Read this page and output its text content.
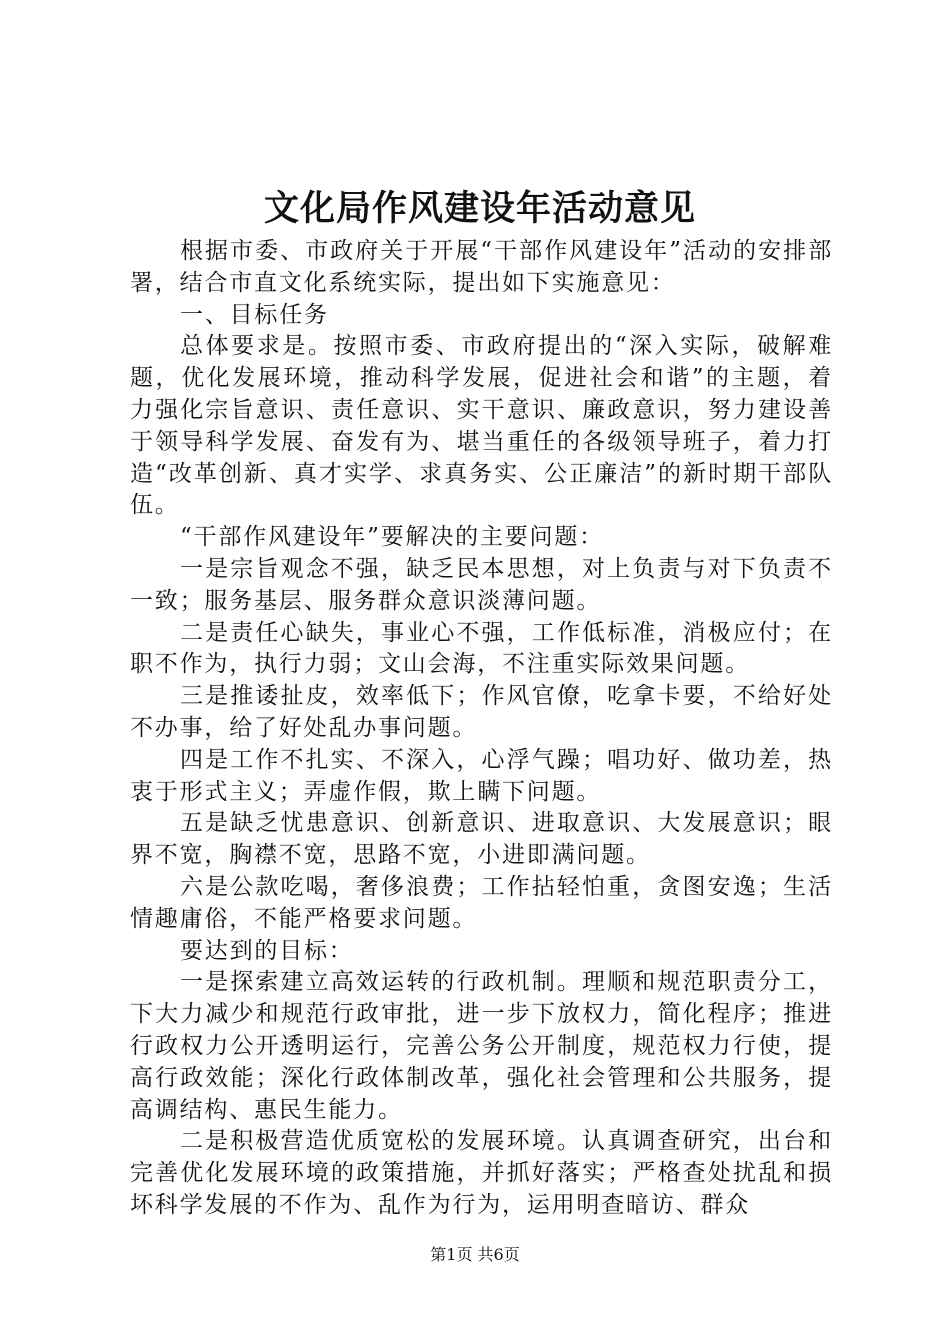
文化局作风建设年活动意见

根据市委、市政府关于开展“干部作风建设年”活动的安排部署，结合市直文化系统实际，提出如下实施意见：

一、目标任务

总体要求是。按照市委、市政府提出的“深入实际，破解难题，优化发展环境，推动科学发展，促进社会和谐”的主题，着力强化宗旨意识、责任意识、实干意识、廉政意识，努力建设善于领导科学发展、奋发有为、堪当重任的各级领导班子，着力打造“改革创新、真才实学、求真务实、公正廉洁”的新时期干部队伍。

“干部作风建设年”要解决的主要问题：

一是宗旨观念不强，缺乏民本思想，对上负责与对下负责不一致；服务基层、服务群众意识淡薄问题。

二是责任心缺失，事业心不强，工作低标准，消极应付；在职不作为，执行力弱；文山会海，不注重实际效果问题。

三是推诿扯皮，效率低下；作风官僚，吃拿卡要，不给好处不办事，给了好处乱办事问题。

四是工作不扎实、不深入，心浮气躁；唱功好、做功差，热衷于形式主义；弄虚作假，欺上瞒下问题。

五是缺乏忧患意识、创新意识、进取意识、大发展意识；眼界不宽，胸襟不宽，思路不宽，小进即满问题。

六是公款吃喝，奢侈浪费；工作拈轻怕重，贪图安逸；生活情趣庸俗，不能严格要求问题。

要达到的目标：

一是探索建立高效运转的行政机制。理顺和规范职责分工，下大力减少和规范行政审批，进一步下放权力，简化程序；推进行政权力公开透明运行，完善公务公开制度，规范权力行使，提高行政效能；深化行政体制改革，强化社会管理和公共服务，提高调结构、惠民生能力。

二是积极营造优质宽松的发展环境。认真调查研究，出台和完善优化发展环境的政策措施，并抓好落实；严格查处扰乱和损坏科学发展的不作为、乱作为行为，运用明查暗访、群众

第1页 共6页
